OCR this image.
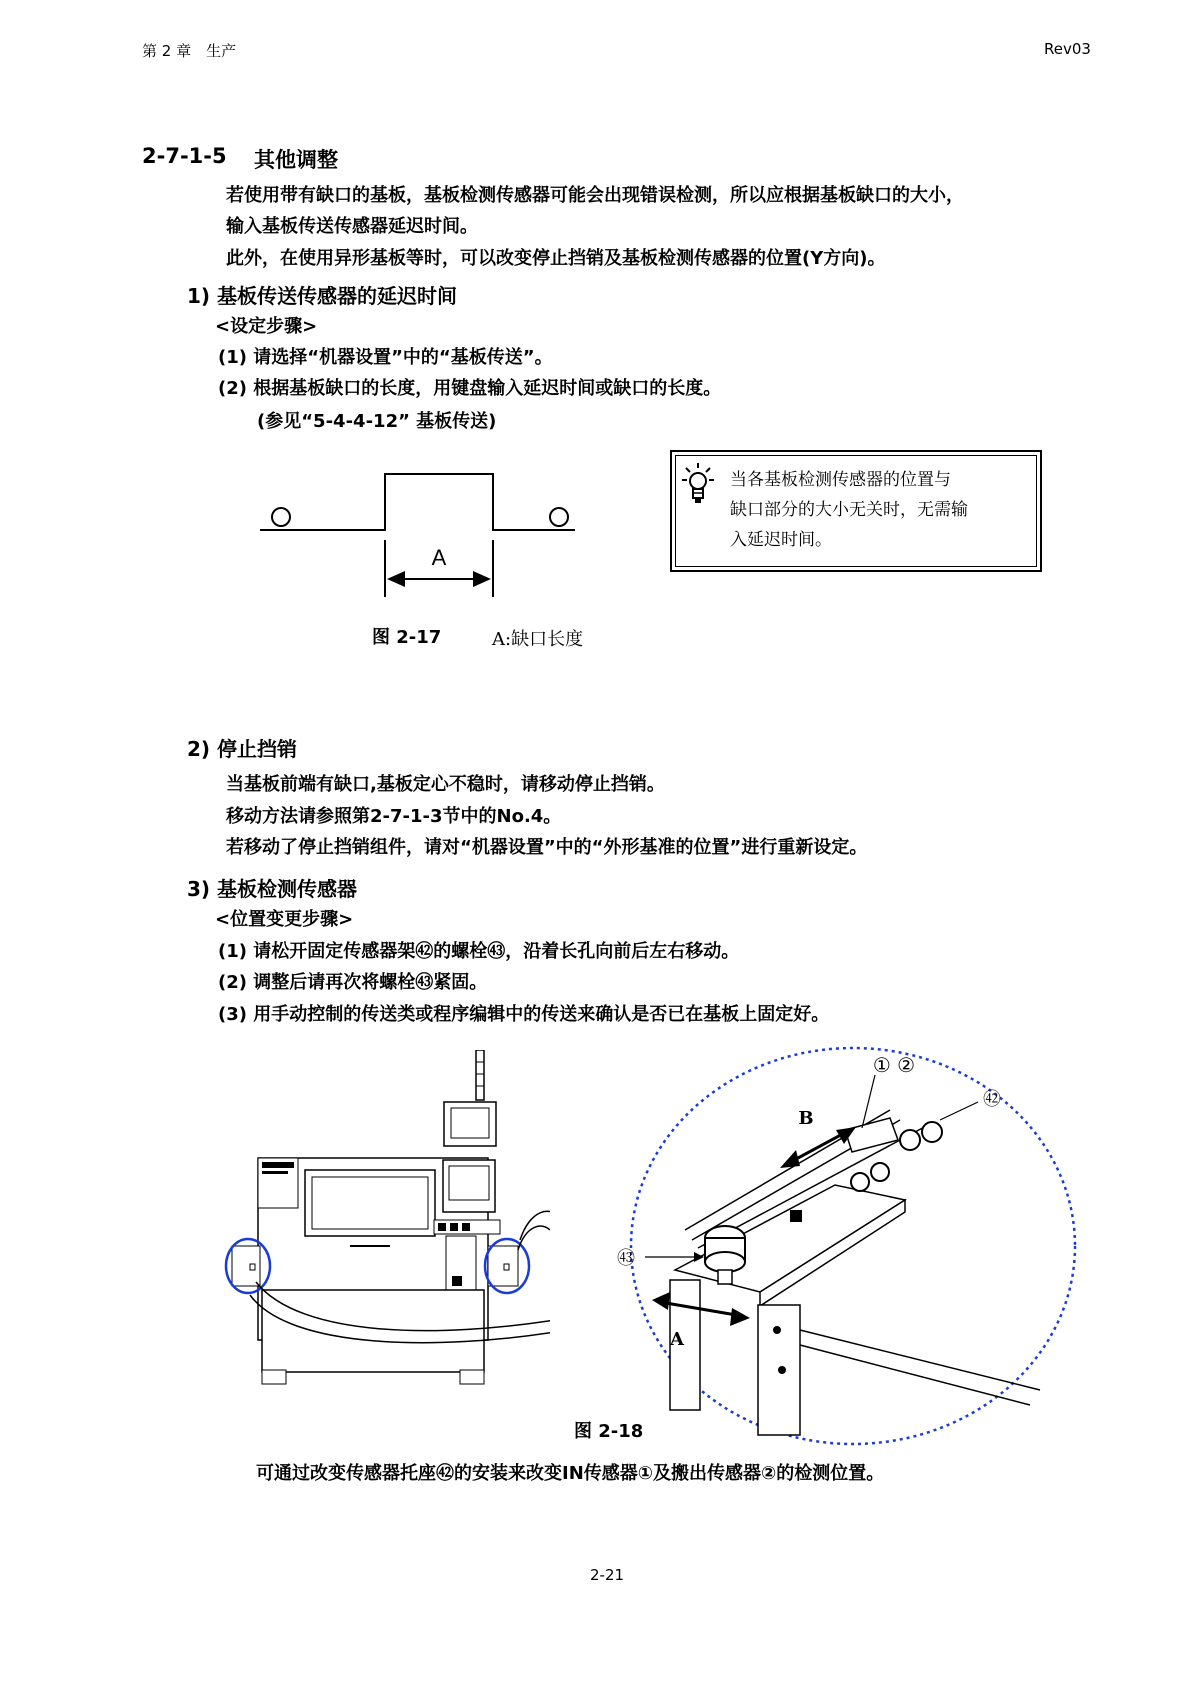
第 2 章　生产	Rev03
2-7-1-5 其他调整
若使用带有缺口的基板，基板检测传感器可能会出现错误检测，所以应根据基板缺口的大小，
输入基板传送传感器延迟时间。
此外，在使用异形基板等时，可以改变停止挡销及基板检测传感器的位置(Y方向)。
1) 基板传送传感器的延迟时间
<设定步骤>
(1) 请选择“机器设置”中的“基板传送”。
(2) 根据基板缺口的长度，用键盘输入延迟时间或缺口的长度。
(参见“5-4-4-12” 基板传送)
A
图 2-17	A:缺口长度
当各基板检测传感器的位置与
缺口部分的大小无关时，无需输
入延迟时间。
2) 停止挡销
当基板前端有缺口,基板定心不稳时，请移动停止挡销。
移动方法请参照第2-7-1-3节中的No.4。
若移动了停止挡销组件，请对“机器设置”中的“外形基准的位置”进行重新设定。
3) 基板检测传感器
<位置变更步骤>
(1) 请松开固定传感器架㊷的螺栓㊸，沿着长孔向前后左右移动。
(2) 调整后请再次将螺栓㊸紧固。
(3) 用手动控制的传送类或程序编辑中的传送来确认是否已在基板上固定好。
① ②
㊷
㊸
B
A
图 2-18
可通过改变传感器托座㊷的安装来改变IN传感器①及搬出传感器②的检测位置。
2-21
